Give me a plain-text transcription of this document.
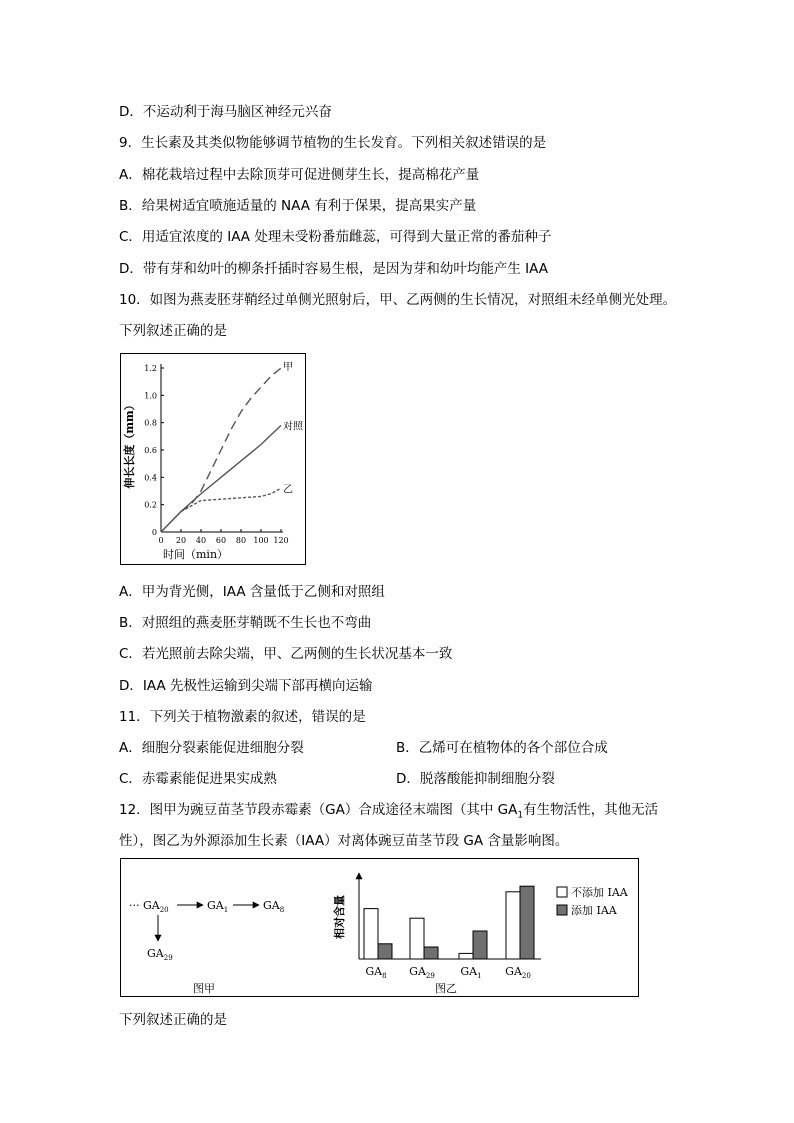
D．不运动利于海马脑区神经元兴奋
9．生长素及其类似物能够调节植物的生长发育。下列相关叙述错误的是
A．棉花栽培过程中去除顶芽可促进侧芽生长，提高棉花产量
B．给果树适宜喷施适量的 NAA 有利于保果，提高果实产量
C．用适宜浓度的 IAA 处理未受粉番茄雌蕊，可得到大量正常的番茄种子
D．带有芽和幼叶的柳条扦插时容易生根，是因为芽和幼叶均能产生 IAA
10．如图为燕麦胚芽鞘经过单侧光照射后，甲、乙两侧的生长情况，对照组未经单侧光处理。
下列叙述正确的是
0
0.2
0.4
0.6
0.8
1.0
1.2
0 20 40 60 80 100 120
甲
对照
乙
时间（min）
伸长长度（mm）
A．甲为背光侧，IAA 含量低于乙侧和对照组
B．对照组的燕麦胚芽鞘既不生长也不弯曲
C．若光照前去除尖端，甲、乙两侧的生长状况基本一致
D．IAA 先极性运输到尖端下部再横向运输
11．下列关于植物激素的叙述，错误的是
A．细胞分裂素能促进细胞分裂	B．乙烯可在植物体的各个部位合成
C．赤霉素能促进果实成熟	D．脱落酸能抑制细胞分裂
12．图甲为豌豆苗茎节段赤霉素（GA）合成途径末端图（其中 $GA_1$有生物活性，其他无活
性），图乙为外源添加生长素（IAA）对离体豌豆苗茎节段 GA 含量影响图。
··· $GA_{20}$	$GA_1$	$GA_8$
$GA_{29}$
图甲
相对含量
$GA_8$ $GA_{29}$ $GA_1$ $GA_{20}$
不添加 IAA
添加 IAA
图乙
下列叙述正确的是
